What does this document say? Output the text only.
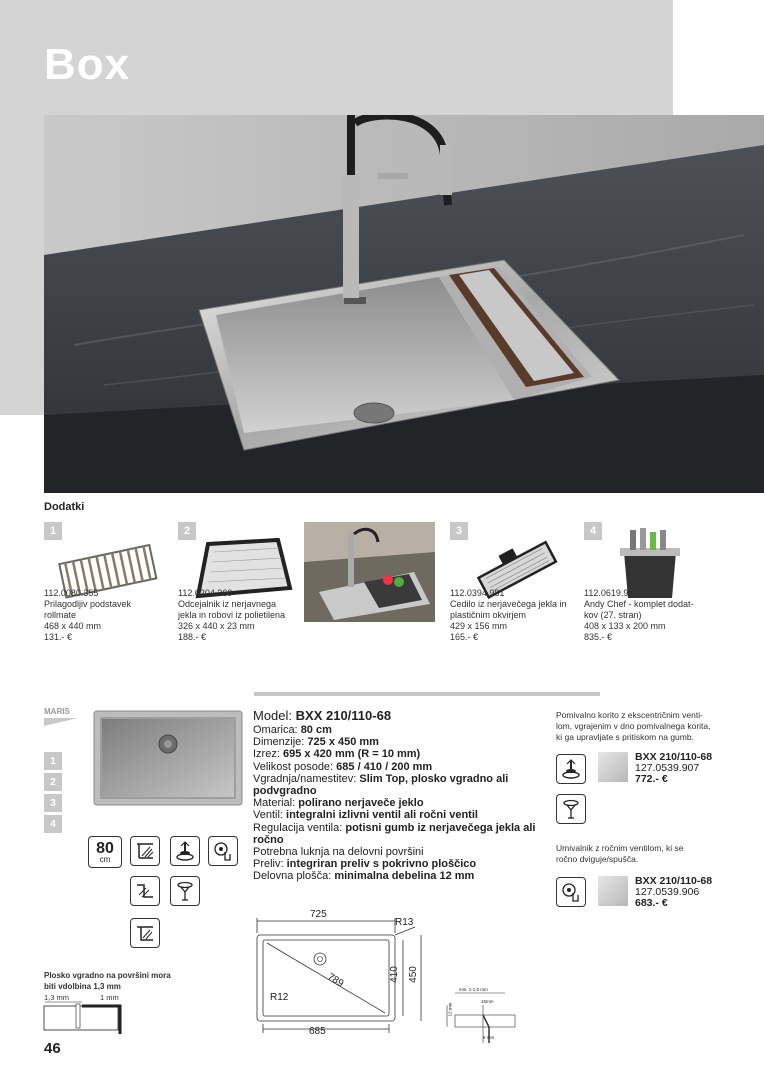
Box
Dodatki
1	2	3	4
112.0080.355
Prilagodljiv podstavek
rollmate
468 x 440 mm
131.- €
112.0204.360
Odcejalnik iz nerjavnega
jekla in robovi iz polietilena
326 x 440 x 23 mm
188.- €
112.0394.981
Cedilo iz nerjavečega jekla in
plastičnim okvirjem
429 x 156 mm
165.- €
112.0619.946
Andy Chef - komplet dodat-
kov (27. stran)
408 x 133 x 200 mm
835.- €
MARIS
1
2
3
4
80
cm
Model: BXX 210/110-68
Omarica: 80 cm
Dimenzije: 725 x 450 mm
Izrez: 695 x 420 mm (R = 10 mm)
Velikost posode: 685 / 410 / 200 mm
Vgradnja/namestitev: Slim Top, plosko vgradno ali
podvgradno
Material: polirano nerjaveče jeklo
Ventil: integralni izlivni ventil ali ročni ventil
Regulacija ventila: potisni gumb iz nerjavečega jekla ali
ročno
Potrebna luknja na delovni površini
Preliv: integriran preliv s pokrivno ploščico
Delovna plošča: minimalna debelina 12 mm
Pomivalno korito z ekscentričnim venti-
lom, vgrajenim v dno pomivalnega korita,
ki ga upravljate s pritiskom na gumb.
BXX 210/110-68
127.0539.907
772.- €
Umivalnik z ročnim ventilom, ki se
ročno dviguje/spušča.
BXX 210/110-68
127.0539.906
683.- €
725
R13
789	410 450
R12
685
Plosko vgradno na površini mora
biti vdolbina 1,3 mm
1,3 mm	1 mm
min. 1-1,5 mm
15mm
12 mm
8 mm
46
